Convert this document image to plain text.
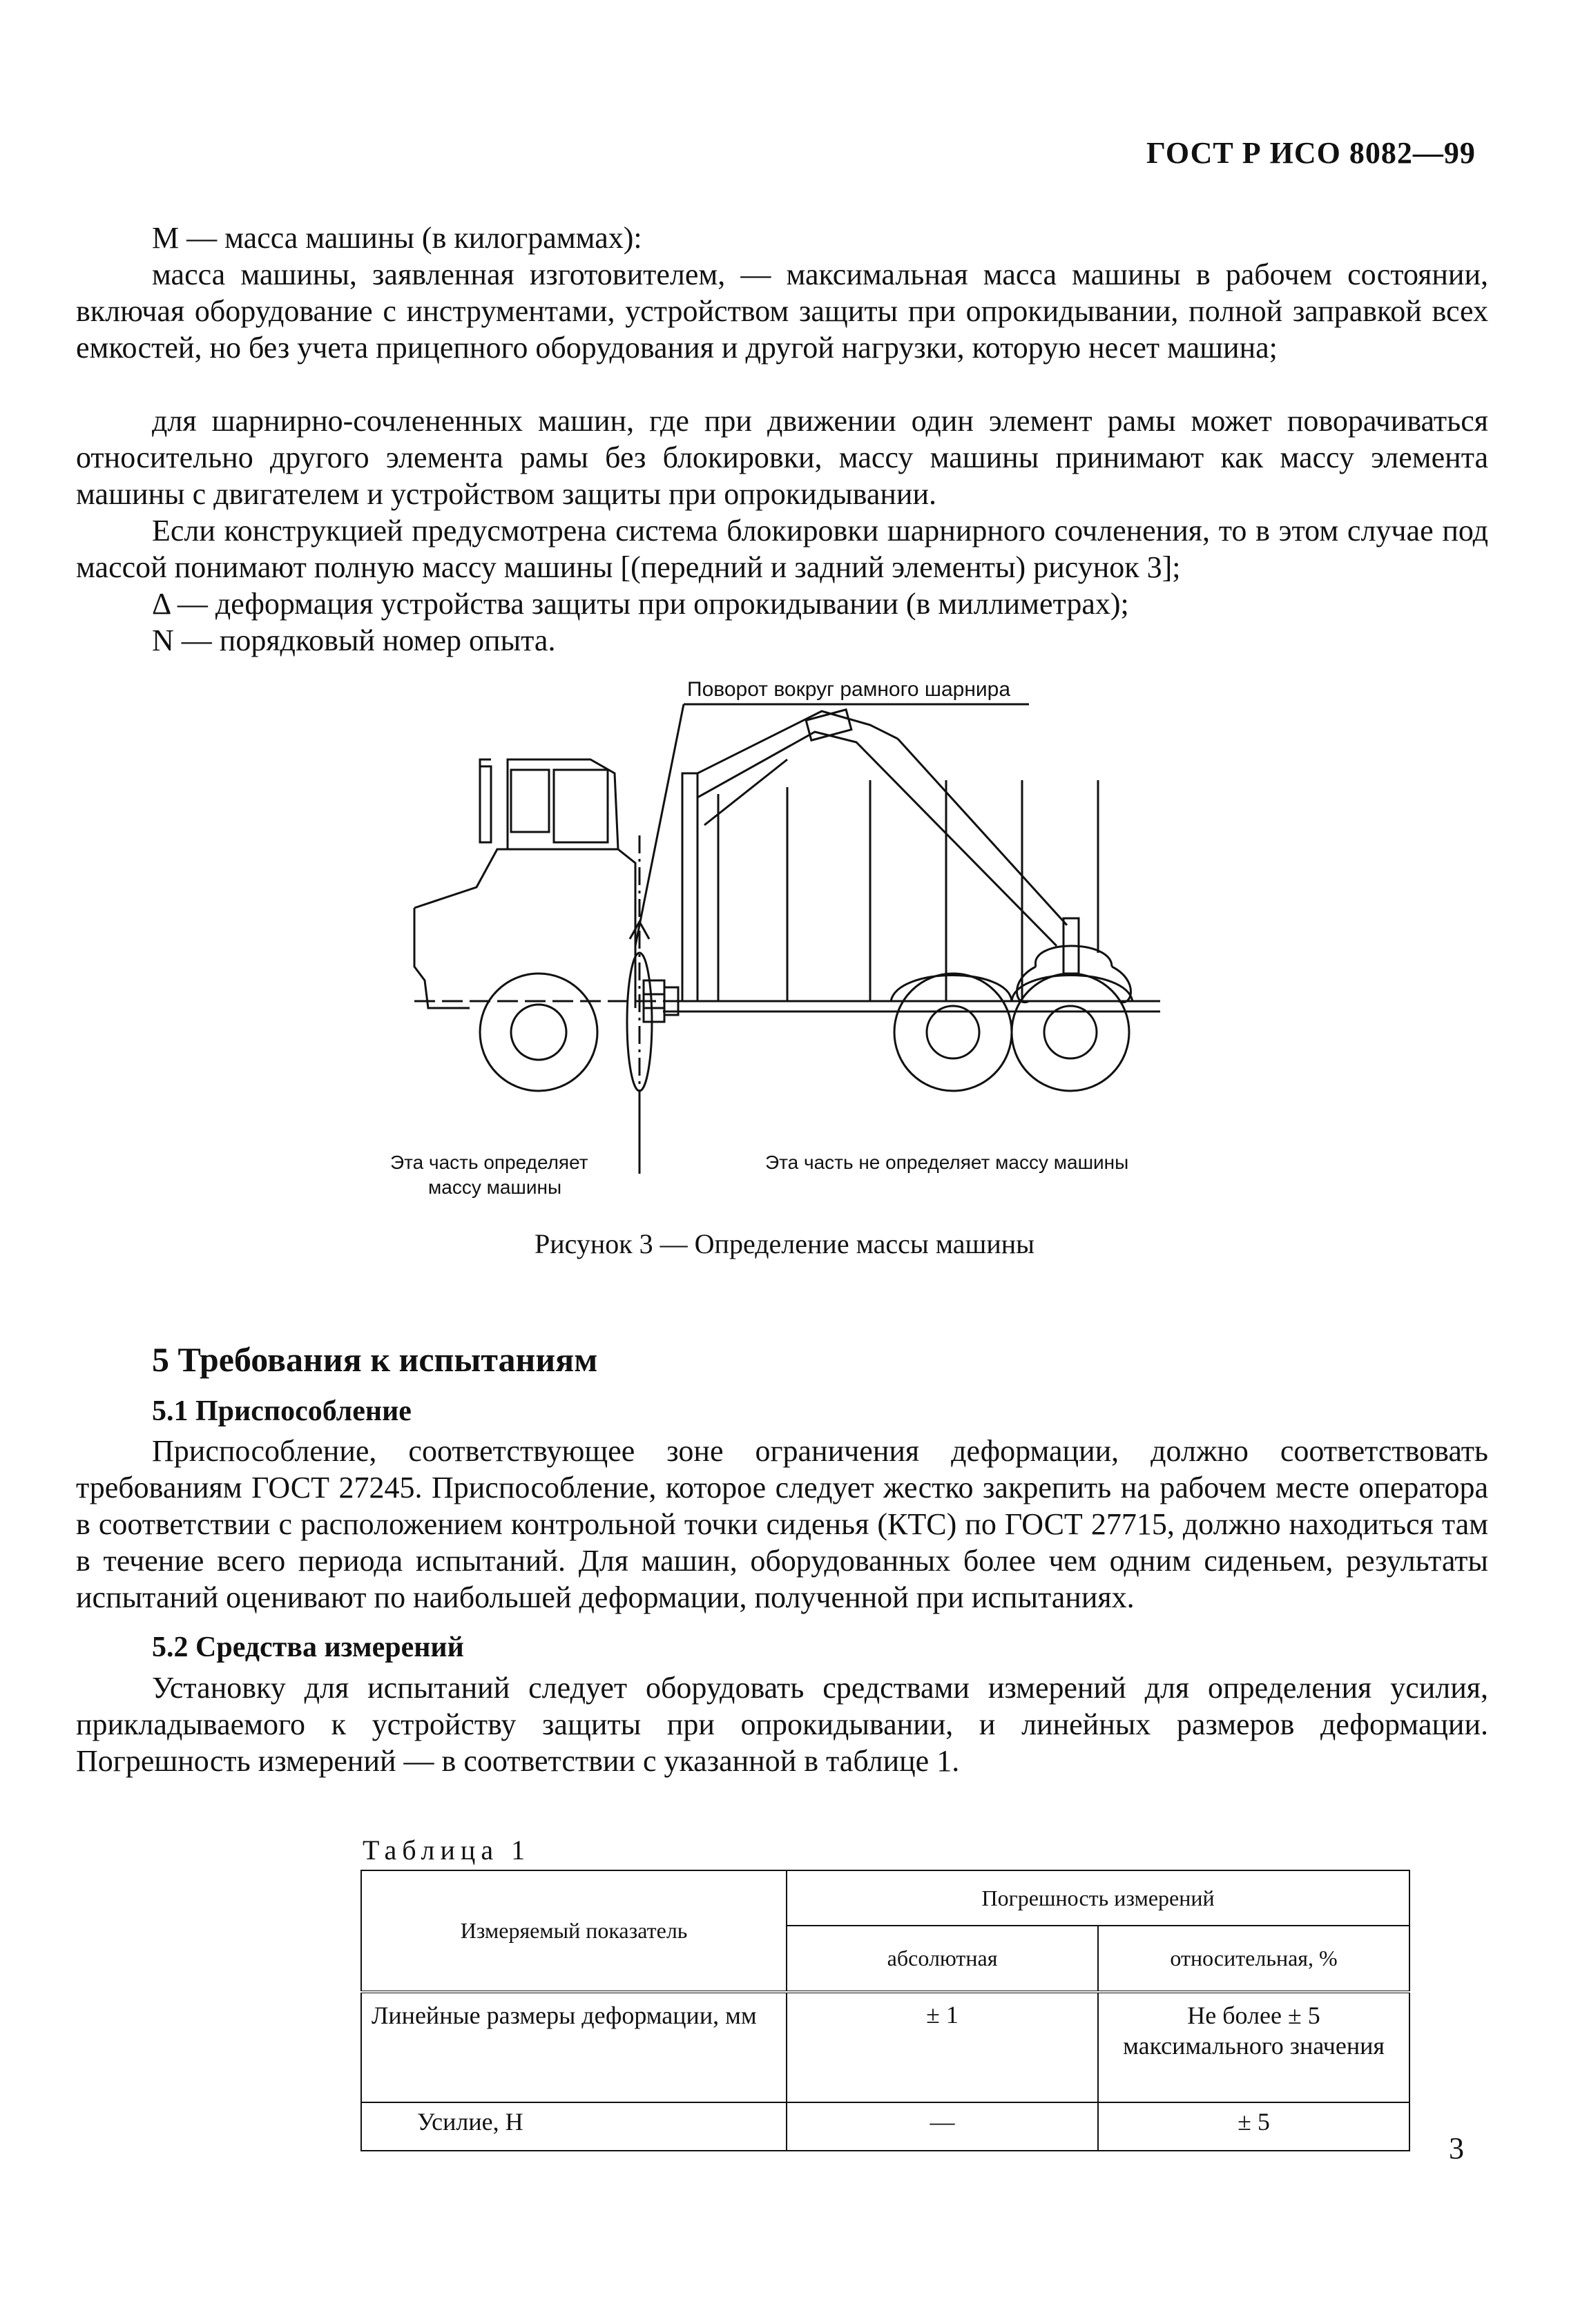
ГОСТ Р ИСО 8082—99
M — масса машины (в килограммах):
масса машины, заявленная изготовителем, — максимальная масса машины в рабочем состоянии, включая оборудование с инструментами, устройством защиты при опрокидывании, полной заправкой всех емкостей, но без учета прицепного оборудования и другой нагрузки, которую несет машина;
для шарнирно-сочлененных машин, где при движении один элемент рамы может поворачиваться относительно другого элемента рамы без блокировки, массу машины принимают как массу элемента машины с двигателем и устройством защиты при опрокидывании.
Если конструкцией предусмотрена система блокировки шарнирного сочленения, то в этом случае под массой понимают полную массу машины [(передний и задний элементы) рисунок 3];
Δ — деформация устройства защиты при опрокидывании (в миллиметрах);
N — порядковый номер опыта.
Поворот вокруг рамного шарнира
Эта часть определяет
массу машины
Эта часть не определяет массу машины
Рисунок 3 — Определение массы машины
5 Требования к испытаниям
5.1 Приспособление
Приспособление, соответствующее зоне ограничения деформации, должно соответствовать требованиям ГОСТ 27245. Приспособление, которое следует жестко закрепить на рабочем месте оператора в соответствии с расположением контрольной точки сиденья (КТС) по ГОСТ 27715, должно находиться там в течение всего периода испытаний. Для машин, оборудованных более чем одним сиденьем, результаты испытаний оценивают по наибольшей деформации, полученной при испытаниях.
5.2 Средства измерений
Установку для испытаний следует оборудовать средствами измерений для определения усилия, прикладываемого к устройству защиты при опрокидывании, и линейных размеров деформации. Погрешность измерений — в соответствии с указанной в таблице 1.
Таблица 1
Измеряемый показатель	Погрешность измерений	
	абсолютная	относительная, %
Линейные размеры деформации, мм	± 1	Не более ± 5 максимального значения
Усилие, Н	—	± 5
3
